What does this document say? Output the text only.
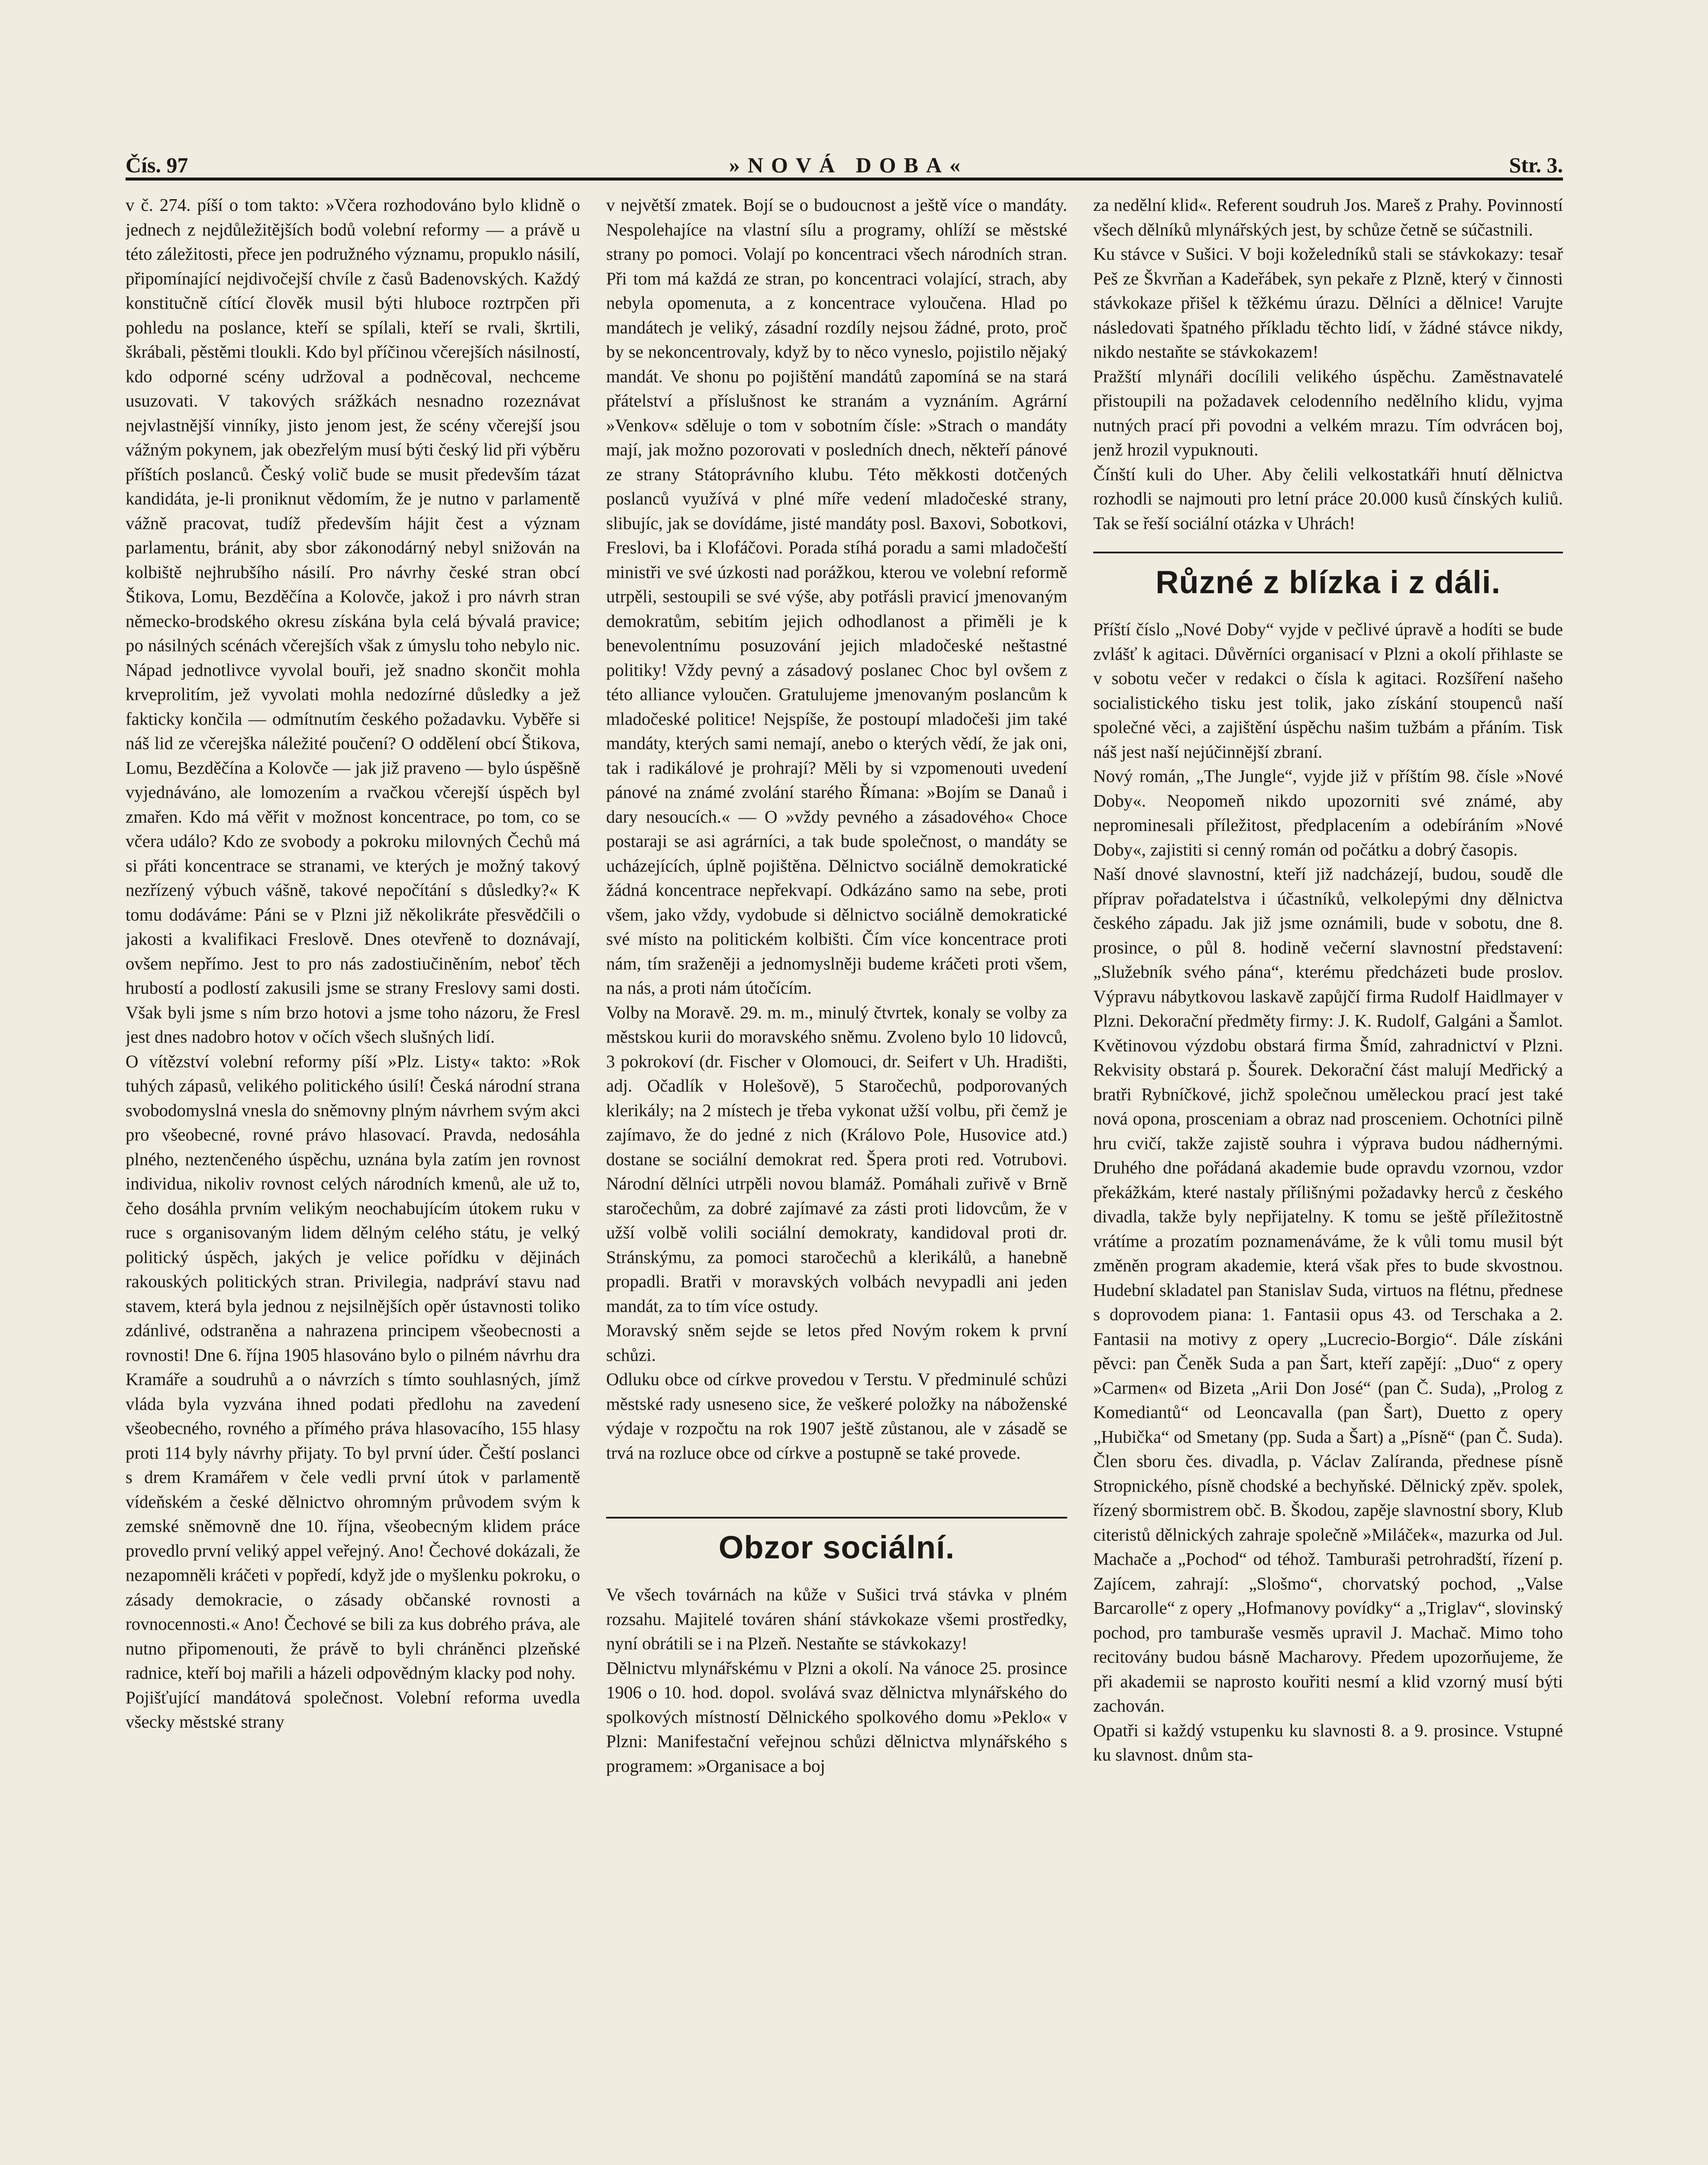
Čís. 97	»NOVÁ DOBA«	Str. 3.

v č. 274. píší o tom takto: »Včera rozhodováno bylo klidně o jednech z nejdůležitějších bodů volební reformy — a právě u této záležitosti, přece jen podružného významu, propuklo násilí, připomínající nejdivočejší chvíle z časů Badenovských. Každý konstitučně cítící člověk musil býti hluboce roztrpčen při pohledu na poslance, kteří se spílali, kteří se rvali, škrtili, škrábali, pěstěmi tloukli. Kdo byl příčinou včerejších násilností, kdo odporné scény udržoval a podněcoval, nechceme usuzovati. V takových srážkách nesnadno rozeznávat nejvlastnější vinníky, jisto jenom jest, že scény včerejší jsou vážným pokynem, jak obezřelým musí býti český lid při výběru příštích poslanců. Český volič bude se musit především tázat kandidáta, je-li proniknut vědomím, že je nutno v parlamentě vážně pracovat, tudíž především hájit čest a význam parlamentu, bránit, aby sbor zákonodárný nebyl snižován na kolbiště nejhrubšího násilí. Pro návrhy české stran obcí Štikova, Lomu, Bezděčína a Kolovče, jakož i pro návrh stran německo-brodského okresu získána byla celá bývalá pravice; po násilných scénách včerejších však z úmyslu toho nebylo nic. Nápad jednotlivce vyvolal bouři, jež snadno skončit mohla krveprolitím, jež vyvolati mohla nedozírné důsledky a jež fakticky končila — odmítnutím českého požadavku. Vyběře si náš lid ze včerejška náležité poučení? O oddělení obcí Štikova, Lomu, Bezděčína a Kolovče — jak již praveno — bylo úspěšně vyjednáváno, ale lomozením a rvačkou včerejší úspěch byl zmařen. Kdo má věřit v možnost koncentrace, po tom, co se včera událo? Kdo ze svobody a pokroku milovných Čechů má si přáti koncentrace se stranami, ve kterých je možný takový nezřízený výbuch vášně, takové nepočítání s důsledky?« K tomu dodáváme: Páni se v Plzni již několikráte přesvědčili o jakosti a kvalifikaci Freslově. Dnes otevřeně to doznávají, ovšem nepřímo. Jest to pro nás zadostiučiněním, neboť těch hrubostí a podlostí zakusili jsme se strany Freslovy sami dosti. Však byli jsme s ním brzo hotovi a jsme toho názoru, že Fresl jest dnes nadobro hotov v očích všech slušných lidí.

O vítězství volební reformy píší »Plz. Listy« takto: »Rok tuhých zápasů, velikého politického úsilí! Česká národní strana svobodomyslná vnesla do sněmovny plným návrhem svým akci pro všeobecné, rovné právo hlasovací. Pravda, nedosáhla plného, neztenčeného úspěchu, uznána byla zatím jen rovnost individua, nikoliv rovnost celých národních kmenů, ale už to, čeho dosáhla prvním velikým neochabujícím útokem ruku v ruce s organisovaným lidem dělným celého státu, je velký politický úspěch, jakých je velice pořídku v dějinách rakouských politických stran. Privilegia, nadpráví stavu nad stavem, která byla jednou z nejsilnějších opěr ústavnosti toliko zdánlivé, odstraněna a nahrazena principem všeobecnosti a rovnosti! Dne 6. října 1905 hlasováno bylo o pilném návrhu dra Kramáře a soudruhů a o návrzích s tímto souhlasných, jímž vláda byla vyzvána ihned podati předlohu na zavedení všeobecného, rovného a přímého práva hlasovacího, 155 hlasy proti 114 byly návrhy přijaty. To byl první úder. Čeští poslanci s drem Kramářem v čele vedli první útok v parlamentě vídeňském a české dělnictvo ohromným průvodem svým k zemské sněmovně dne 10. října, všeobecným klidem práce provedlo první veliký appel veřejný. Ano! Čechové dokázali, že nezapomněli kráčeti v popředí, když jde o myšlenku pokroku, o zásady demokracie, o zásady občanské rovnosti a rovnocennosti.« Ano! Čechové se bili za kus dobrého práva, ale nutno připomenouti, že právě to byli chráněnci plzeňské radnice, kteří boj mařili a házeli odpovědným klacky pod nohy.

Pojišťující mandátová společnost. Volební reforma uvedla všecky městské strany

v největší zmatek. Bojí se o budoucnost a ještě více o mandáty. Nespolehajíce na vlastní sílu a programy, ohlíží se městské strany po pomoci. Volají po koncentraci všech národních stran. Při tom má každá ze stran, po koncentraci volající, strach, aby nebyla opomenuta, a z koncentrace vyloučena. Hlad po mandátech je veliký, zásadní rozdíly nejsou žádné, proto, proč by se nekoncentrovaly, když by to něco vyneslo, pojistilo nějaký mandát. Ve shonu po pojištění mandátů zapomíná se na stará přátelství a příslušnost ke stranám a vyznáním. Agrární »Venkov« sděluje o tom v sobotním čísle: »Strach o mandáty mají, jak možno pozorovati v posledních dnech, někteří pánové ze strany Státoprávního klubu. Této měkkosti dotčených poslanců využívá v plné míře vedení mladočeské strany, slibujíc, jak se dovídáme, jisté mandáty posl. Baxovi, Sobotkovi, Freslovi, ba i Klofáčovi. Porada stíhá poradu a sami mladočeští ministři ve své úzkosti nad porážkou, kterou ve volební reformě utrpěli, sestoupili se své výše, aby potřásli pravicí jmenovaným demokratům, sebitím jejich odhodlanost a přiměli je k benevolentnímu posuzování jejich mladočeské neštastné politiky! Vždy pevný a zásadový poslanec Choc byl ovšem z této alliance vyloučen. Gratulujeme jmenovaným poslancům k mladočeské politice! Nejspíše, že postoupí mladočeši jim také mandáty, kterých sami nemají, anebo o kterých vědí, že jak oni, tak i radikálové je prohrají? Měli by si vzpomenouti uvedení pánové na známé zvolání starého Římana: »Bojím se Danaů i dary nesoucích.« — O »vždy pevného a zásadového« Choce postaraji se asi agrárníci, a tak bude společnost, o mandáty se ucházejících, úplně pojištěna. Dělnictvo sociálně demokratické žádná koncentrace nepřekvapí. Odkázáno samo na sebe, proti všem, jako vždy, vydobude si dělnictvo sociálně demokratické své místo na politickém kolbišti. Čím více koncentrace proti nám, tím sraženěji a jednomyslněji budeme kráčeti proti všem, na nás, a proti nám útočícím.

Volby na Moravě. 29. m. m., minulý čtvrtek, konaly se volby za městskou kurii do moravského sněmu. Zvoleno bylo 10 lidovců, 3 pokrokoví (dr. Fischer v Olomouci, dr. Seifert v Uh. Hradišti, adj. Očadlík v Holešově), 5 Staročechů, podporovaných klerikály; na 2 místech je třeba vykonat užší volbu, při čemž je zajímavo, že do jedné z nich (Královo Pole, Husovice atd.) dostane se sociální demokrat red. Špera proti red. Votrubovi. Národní dělníci utrpěli novou blamáž. Pomáhali zuřivě v Brně staročechům, za dobré zajímavé za zásti proti lidovcům, že v užší volbě volili sociální demokraty, kandidoval proti dr. Stránskýmu, za pomoci staročechů a klerikálů, a hanebně propadli. Bratři v moravských volbách nevypadli ani jeden mandát, za to tím více ostudy.

Moravský sněm sejde se letos před Novým rokem k první schůzi.

Odluku obce od církve provedou v Terstu. V předminulé schůzi městské rady usneseno sice, že veškeré položky na náboženské výdaje v rozpočtu na rok 1907 ještě zůstanou, ale v zásadě se trvá na rozluce obce od církve a postupně se také provede.

Obzor sociální.

Ve všech továrnách na kůže v Sušici trvá stávka v plném rozsahu. Majitelé továren shání stávkokaze všemi prostředky, nyní obrátili se i na Plzeň. Nestaňte se stávkokazy!

Dělnictvu mlynářskému v Plzni a okolí. Na vánoce 25. prosince 1906 o 10. hod. dopol. svolává svaz dělnictva mlynářského do spolkových místností Dělnického spolkového domu »Peklo« v Plzni: Manifestační veřejnou schůzi dělnictva mlynářského s programem: »Organisace a boj

za nedělní klid«. Referent soudruh Jos. Mareš z Prahy. Povinností všech dělníků mlynářských jest, by schůze četně se súčastnili.

Ku stávce v Sušici. V boji koželedníků stali se stávkokazy: tesař Peš ze Škvrňan a Kadeřábek, syn pekaře z Plzně, který v činnosti stávkokaze přišel k těžkému úrazu. Dělníci a dělnice! Varujte následovati špatného příkladu těchto lidí, v žádné stávce nikdy, nikdo nestaňte se stávkokazem!

Pražští mlynáři docílili velikého úspěchu. Zaměstnavatelé přistoupili na požadavek celodenního nedělního klidu, vyjma nutných prací při povodni a velkém mrazu. Tím odvrácen boj, jenž hrozil vypuknouti.

Čínští kuli do Uher. Aby čelili velkostatkáři hnutí dělnictva rozhodli se najmouti pro letní práce 20.000 kusů čínských kuliů. Tak se řeší sociální otázka v Uhrách!

Různé z blízka i z dáli.

Příští číslo „Nové Doby“ vyjde v pečlivé úpravě a hodíti se bude zvlášť k agitaci. Důvěrníci organisací v Plzni a okolí přihlaste se v sobotu večer v redakci o čísla k agitaci. Rozšíření našeho socialistického tisku jest tolik, jako získání stoupenců naší společné věci, a zajištění úspěchu našim tužbám a přáním. Tisk náš jest naší nejúčinnější zbraní.

Nový román, „The Jungle“, vyjde již v příštím 98. čísle »Nové Doby«. Neopomeň nikdo upozorniti své známé, aby neprominesali příležitost, předplacením a odebíráním »Nové Doby«, zajistiti si cenný román od počátku a dobrý časopis.

Naší dnové slavnostní, kteří již nadcházejí, budou, soudě dle příprav pořadatelstva i účastníků, velkolepými dny dělnictva českého západu. Jak již jsme oznámili, bude v sobotu, dne 8. prosince, o půl 8. hodině večerní slavnostní představení: „Služebník svého pána“, kterému předcházeti bude proslov. Výpravu nábytkovou laskavě zapůjčí firma Rudolf Haidlmayer v Plzni. Dekorační předměty firmy: J. K. Rudolf, Galgáni a Šamlot. Květinovou výzdobu obstará firma Šmíd, zahradnictví v Plzni. Rekvisity obstará p. Šourek. Dekorační část malují Medřický a bratři Rybníčkové, jichž společnou uměleckou prací jest také nová opona, prosceniam a obraz nad prosceniem. Ochotníci pilně hru cvičí, takže zajistě souhra i výprava budou nádhernými. Druhého dne pořádaná akademie bude opravdu vzornou, vzdor překážkám, které nastaly přílišnými požadavky herců z českého divadla, takže byly nepřijatelny. K tomu se ještě příležitostně vrátíme a prozatím poznamenáváme, že k vůli tomu musil být změněn program akademie, která však přes to bude skvostnou. Hudební skladatel pan Stanislav Suda, virtuos na flétnu, přednese s doprovodem piana: 1. Fantasii opus 43. od Terschaka a 2. Fantasii na motivy z opery „Lucrecio-Borgio“. Dále získáni pěvci: pan Čeněk Suda a pan Šart, kteří zapějí: „Duo“ z opery »Carmen« od Bizeta „Arii Don José“ (pan Č. Suda), „Prolog z Komediantů“ od Leoncavalla (pan Šart), Duetto z opery „Hubička“ od Smetany (pp. Suda a Šart) a „Písně“ (pan Č. Suda). Člen sboru čes. divadla, p. Václav Zalíranda, přednese písně Stropnického, písně chodské a bechyňské. Dělnický zpěv. spolek, řízený sbormistrem obč. B. Škodou, zapěje slavnostní sbory, Klub citeristů dělnických zahraje společně »Miláček«, mazurka od Jul. Machače a „Pochod“ od téhož. Tamburaši petrohradští, řízení p. Zajícem, zahrají: „Slošmo“, chorvatský pochod, „Valse Barcarolle“ z opery „Hofmanovy povídky“ a „Triglav“, slovinský pochod, pro tamburaše vesměs upravil J. Machač. Mimo toho recitovány budou básně Macharovy. Předem upozorňujeme, že při akademii se naprosto kouřiti nesmí a klid vzorný musí býti zachován.

Opatři si každý vstupenku ku slavnosti 8. a 9. prosince. Vstupné ku slavnost. dnům sta-
